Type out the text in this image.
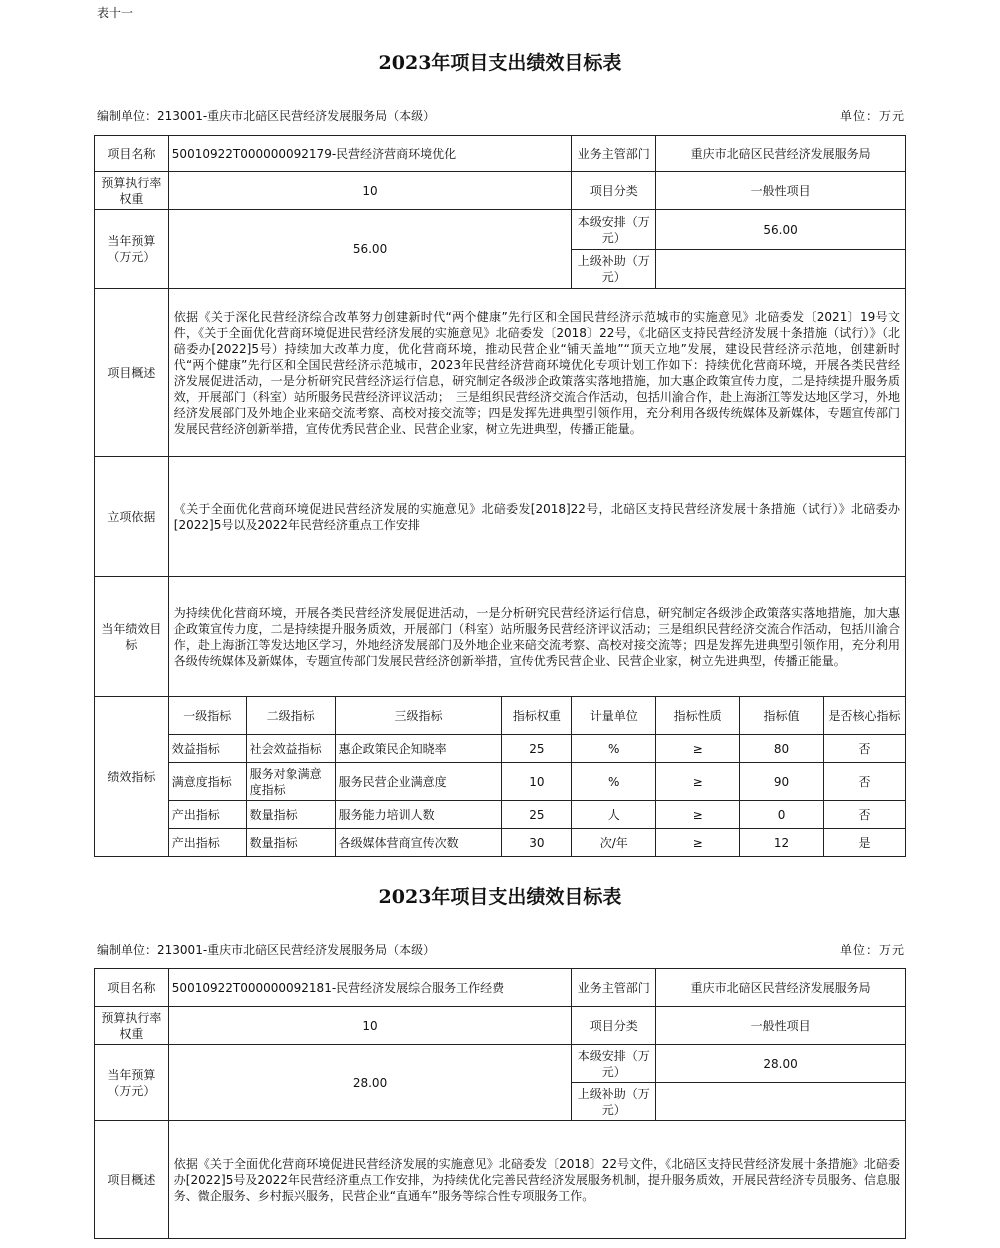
表十一
2023年项目支出绩效目标表
编制单位：213001-重庆市北碚区民营经济发展服务局（本级）	单位：万元
项目名称	50010922T000000092179-民营经济营商环境优化				业务主管部门	重庆市北碚区民营经济发展服务局		
预算执行率权重	10				项目分类	一般性项目		
当年预算（万元）	56.00				本级安排（万元）	56.00		
					上级补助（万元）			
项目概述	依据《关于深化民营经济综合改革努力创建新时代“两个健康”先行区和全国民营经济示范城市的实施意见》北碚委发〔2021〕19号文件，《关于全面优化营商环境促进民营经济发展的实施意见》北碚委发〔2018〕22号，《北碚区支持民营经济发展十条措施（试行）》（北碚委办[2022]5号）持续加大改革力度，优化营商环境，推动民营企业“铺天盖地”“顶天立地”发展，建设民营经济示范地，创建新时代“两个健康”先行区和全国民营经济示范城市，2023年民营经济营商环境优化专项计划工作如下：持续优化营商环境，开展各类民营经济发展促进活动，一是分析研究民营经济运行信息，研究制定各级涉企政策落实落地措施，加大惠企政策宣传力度，二是持续提升服务质效，开展部门（科室）站所服务民营经济评议活动；　三是组织民营经济交流合作活动，包括川渝合作，赴上海浙江等发达地区学习，外地经济发展部门及外地企业来碚交流考察、高校对接交流等；四是发挥先进典型引领作用，充分利用各级传统媒体及新媒体，专题宣传部门发展民营经济创新举措，宣传优秀民营企业、民营企业家，树立先进典型，传播正能量。							
立项依据	《关于全面优化营商环境促进民营经济发展的实施意见》北碚委发[2018]22号，北碚区支持民营经济发展十条措施（试行）》北碚委办[2022]5号以及2022年民营经济重点工作安排							
当年绩效目标	为持续优化营商环境，开展各类民营经济发展促进活动，一是分析研究民营经济运行信息，研究制定各级涉企政策落实落地措施，加大惠企政策宣传力度，二是持续提升服务质效，开展部门（科室）站所服务民营经济评议活动；三是组织民营经济交流合作活动，包括川渝合作，赴上海浙江等发达地区学习，外地经济发展部门及外地企业来碚交流考察、高校对接交流等；四是发挥先进典型引领作用，充分利用各级传统媒体及新媒体，专题宣传部门发展民营经济创新举措，宣传优秀民营企业、民营企业家，树立先进典型，传播正能量。							
绩效指标	一级指标	二级指标	三级指标	指标权重	计量单位	指标性质	指标值	是否核心指标
	效益指标	社会效益指标	惠企政策民企知晓率	25	%	≥	80	否
	满意度指标	服务对象满意度指标	服务民营企业满意度	10	%	≥	90	否
	产出指标	数量指标	服务能力培训人数	25	人	≥	0	否
	产出指标	数量指标	各级媒体营商宣传次数	30	次/年	≥	12	是
2023年项目支出绩效目标表
编制单位：213001-重庆市北碚区民营经济发展服务局（本级）	单位：万元
项目名称	50010922T000000092181-民营经济发展综合服务工作经费	业务主管部门	重庆市北碚区民营经济发展服务局
预算执行率权重	10	项目分类	一般性项目
当年预算（万元）	28.00	本级安排（万元）	28.00
		上级补助（万元）	
项目概述	依据《关于全面优化营商环境促进民营经济发展的实施意见》北碚委发〔2018〕22号文件，《北碚区支持民营经济发展十条措施》北碚委办[2022]5号及2022年民营经济重点工作安排，为持续优化完善民营经济发展服务机制，提升服务质效，开展民营经济专员服务、信息服务、微企服务、乡村振兴服务，民营企业“直通车”服务等综合性专项服务工作。		
